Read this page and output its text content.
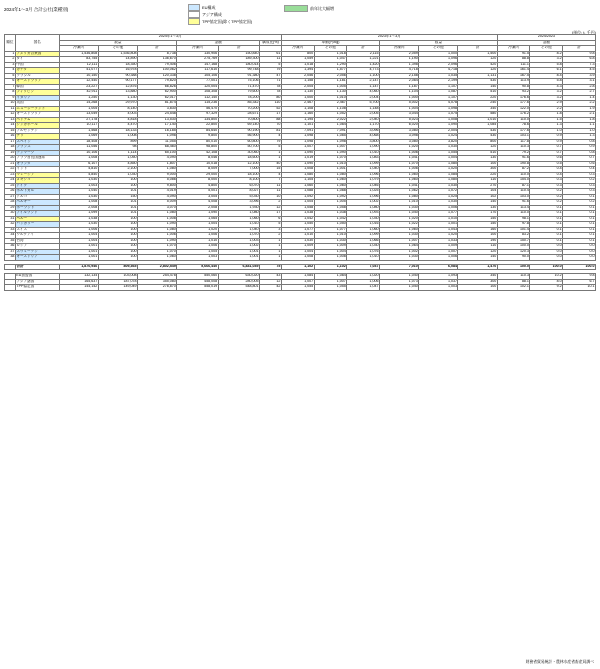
2024年1～3月 合計公社(業種別)	EU構成
アジア構成
TPP協定国(除くTPP協定国)
前年比大幅増
(単位: t, 千円)
順位	国名	2024年1～3月						2023年1～3月						2024/2023		
		数量			金額		構成比(%)	単価(円/kg)			数量			金額		
		冷凍肉	その他	計	冷凍肉	計		冷凍肉	その他	計	冷凍肉	その他	計	冷凍肉	その他	計
1	アメリカ合衆国	1,536,808	1,536,808	8,738	130,906	150,840	61	800	1,018	2,115	2,059	1,000	1,500	91.5	8.2	9.8
2	タイ	83,755	14,890	136,670	275,769	189,300	11	1,059	1,047	1,221	1,190	1,096	120	88.8	3.2	6.8
3	中国	12,111	18,350	79,406	147,168	180,014	5	1,018	1,290	1,420	1,398	2,096	420	111.1	5.8	7.3
4	カナダ	41,077	16,978	100,062	117,610	99,748	79	1,394	1,577	4,773	4,718	4,718	120	161.4	6.1	4.5
5	ブラジル	10,150	90,388	120,338	105,106	91,380	47	2,056	2,056	1,100	2,158	1,035	1,131	167.5	8.4	3.9
6	オーストラリア	12,440	90,177	79,820	77,001	75,106	71	1,158	1,181	2,147	2,084	2,199	430	113.9	5.8	3.1
7	韓国	23,227	12,876	66,826	120,004	71,470	78	2,005	1,005	1,147	1,187	1,107	140	90.8	4.3	2.8
8	フィリピン	42,911	13,880	62,900	108,308	79,600	78	1,130	1,130	4,060	1,104	1,087	510	93.2	3.2	2.7
9	イタリア	1,250	1,130	62,017	112,140	78,200	80	1,000	1,010	2,004	1,000	1,107	220	176.6	3.2	1.4
10	英国	14,268	29,970	81,874	115,236	85,342	110	2,467	2,467	5,700	5,002	4,078	240	177.6	2.9	2.2
11	ニュージーランド	1,005	8,140	3,830	56,470	70,200	52	1,108	1,108	1,148	1,004	1,098	340	122.0	2.2	1.9
12	オーストラリア	13,049	4,003	24,548	97,329	28,671	17	1,160	1,052	2,005	3,044	1,075	580	176.2	1.8	2.1
13	ベトナム	27,178	4,818	13,530	134,800	70,800	88	1,195	2,022	2,040	5,023	1,008	1,010	110.0	1.5	1.8
14	シンガポール	10,117	4,470	17,140	22,800	69,140	70	1,101	1,084	1,170	6,020	1,090	1,085	78.6	1.3	1.1
15	アルゼンチン	1,568	18,133	16,185	84,640	90,190	81	7,091	7,091	3,096	3,080	2,004	430	177.6	1.0	1.0
16	チリ	1,069	1,008	1,098	9,800	56,900	4	1,098	1,085	4,068	3,098	1,024	430	103.1	0.9	1.3
17	スペイン	18,408	899	11,055	80,010	60,800	79	1,098	1,098	3,800	3,080	3,820	800	117.8	0.9	0.8
18	フランス	11,056	98	68,460	98,800	50,700	5	1,007	1,007	1,090	1,020	1,030	120	110.3	0.7	0.9
19	デンマーク	10,106	1,114	65,100	42,108	30,060	1	1,090	1,090	1,010	1,006	1,055	510	79.2	0.7	0.8
20	アラブ首長国連邦	1,008	1,050	4,090	8,046	18,600	1	1,019	1,070	1,083	1,041	1,004	130	91.6	0.6	0.7
21	オランダ	6,107	4,850	1,807	10,018	12,100	40	1,090	1,010	1,099	1,070	1,080	100	190.8	0.5	0.6
22	インド	4,810	2,100	1,080	8,009	7,000	15	1,008	1,001	1,040	1,006	1,020	300	87.2	0.4	0.4
23	マレーシア	4,840	1,030	9,000	29,000	18,100	4	1,080	1,080	1,096	1,060	1,085	220	110.0	0.4	0.3
24	メキシコ	1,030	100	5,086	8,000	8,100	7	1,105	1,060	1,079	1,060	1,080	110	154.0	0.3	0.2
25	ドイツ	1,003	100	9,800	4,800	6,070	11	1,060	1,060	1,046	1,041	1,030	270	87.1	0.3	0.3
26	ポルトガル	1,040	101	4,019	5,001	8,027	11	1,088	1,088	1,025	1,062	1,072	104	110.4	0.2	0.3
27	トルコ	1,030	150	4,090	3,005	5,030	10	1,092	1,092	1,096	1,080	1,025	102	103.0	0.2	0.1
28	ベルギー	1,008	101	5,009	4,008	3,096	2	1,005	1,005	1,002	1,010	1,030	140	91.6	0.2	0.2
29	ポーランド	2,008	101	3,070	2,008	1,930	12	1,058	1,058	1,080	1,030	1,006	130	113.4	0.1	0.1
30	アイルランド	1,099	101	1,080	1,090	1,080	17	1,038	1,038	1,093	1,040	1,077	170	110.0	0.1	0.1
31	ペルー	1,038	100	1,008	1,065	1,060	6	1,042	1,042	1,030	1,020	1,010	150	98.1	0.1	0.1
32	ハンガリー	1,030	100	1,090	1,004	1,010	5	1,050	1,050	1,016	1,022	1,001	150	97.8	0.1	0.1
33	スイス	1,006	100	1,080	1,020	1,040	3	1,077	1,077	1,060	1,060	1,043	160	101.4	0.1	0.1
34	ウルグアイ	1,004	100	1,006	1,006	1,070	2	1,010	1,010	1,099	1,030	1,020	100	83.2	0.1	0.1
35	台湾	1,004	100	1,090	1,010	1,003	1	1,030	1,030	1,066	1,007	1,033	190	150.7	0.1	0.1
36	ロシア	1,001	100	1,070	1,006	1,002	1	1,009	1,009	1,030	1,064	1,009	110	100.0	0.0	0.0
37	スウェーデン	1,001	100	1,070	1,005	1,001	1	1,004	1,004	1,076	1,002	1,007	120	120.3	0.0	0.0
38	オーストリア	1,001	100	1,060	1,003	1,001	1	1,008	1,008	1,010	1,030	1,006	140	90.0	0.0	0.0

	合計	1,870,946	809,365	2,802,549	5,666,440	6,841,049	75	1,102	1,102	7,047	7,010	6,084	1,470	100.0	100.0	100.0

	EU加盟国	132,134	103,008	254,478	550,060	630,020	43	1,084	1,084	1,020	1,040	1,093	340	110.3	10.2	9.8
	アジア諸国	165,637	187,078	355,080	458,008	280,005	12	1,007	1,007	1,006	1,073	1,037	300	88.1	8.0	6.7
	TPP協定国	144,142	149,049	278,870	558,019	548,801	42	1,055	1,055	1,047	1,040	1,003	100	102.1	9.2	10.1
財務省貿易統計・農林水産省畜産局調べ
